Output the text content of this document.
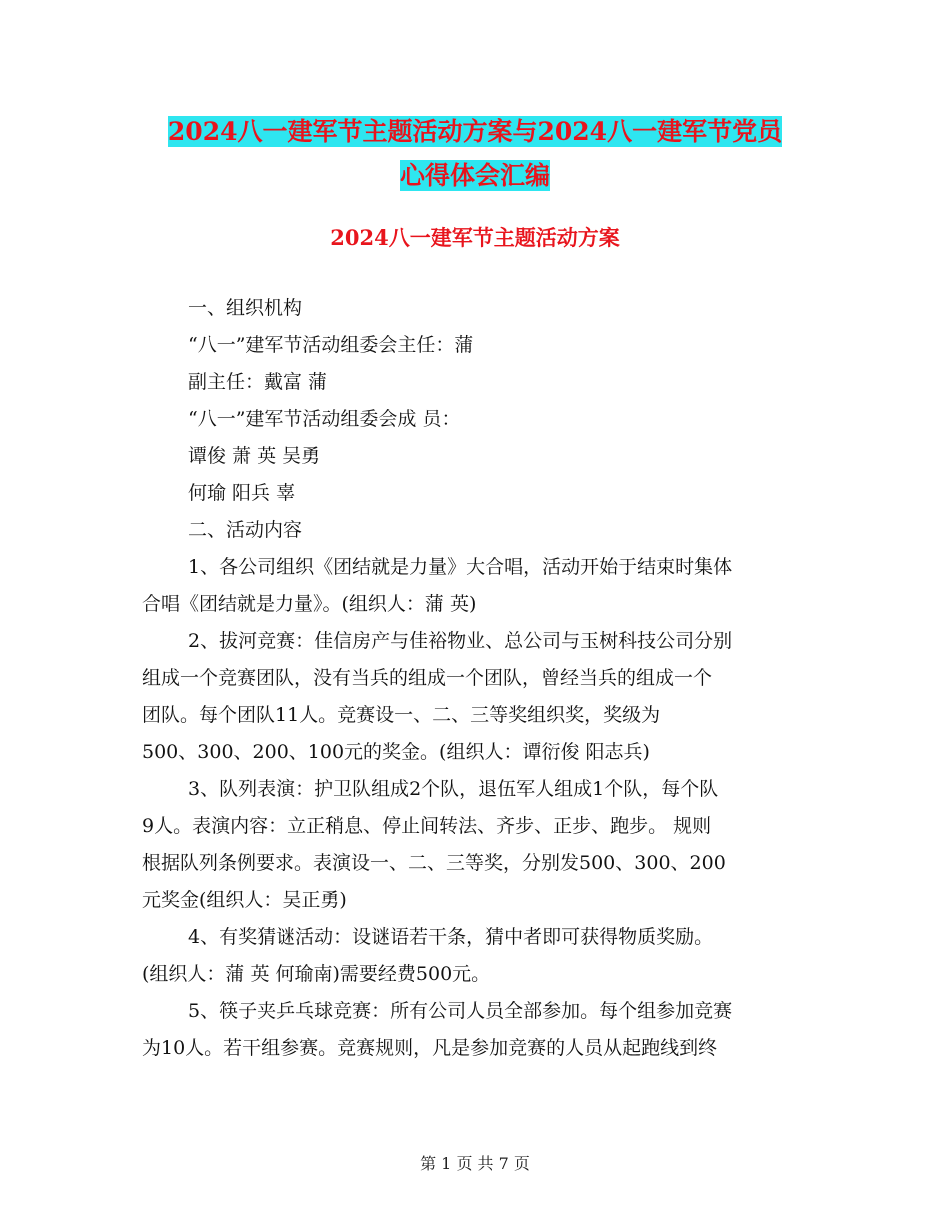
2024八一建军节主题活动方案与2024八一建军节党员
心得体会汇编
2024八一建军节主题活动方案
一、组织机构
“八一”建军节活动组委会主任：蒲
副主任：戴富 蒲
“八一”建军节活动组委会成 员：
谭俊 萧 英 吴勇
何瑜 阳兵 辜
二、活动内容
1、各公司组织《团结就是力量》大合唱，活动开始于结束时集体
合唱《团结就是力量》。(组织人：蒲 英)
2、拔河竞赛：佳信房产与佳裕物业、总公司与玉树科技公司分别
组成一个竞赛团队，没有当兵的组成一个团队，曾经当兵的组成一个
团队。每个团队11人。竞赛设一、二、三等奖组织奖，奖级为
500、300、200、100元的奖金。(组织人：谭衍俊 阳志兵)
3、队列表演：护卫队组成2个队，退伍军人组成1个队，每个队
9人。表演内容：立正稍息、停止间转法、齐步、正步、跑步。 规则
根据队列条例要求。表演设一、二、三等奖，分别发500、300、200
元奖金(组织人：吴正勇)
4、有奖猜谜活动：设谜语若干条，猜中者即可获得物质奖励。
(组织人：蒲 英 何瑜南)需要经费500元。
5、筷子夹乒乓球竞赛：所有公司人员全部参加。每个组参加竞赛
为10人。若干组参赛。竞赛规则，凡是参加竞赛的人员从起跑线到终
第 1 页 共 7 页
